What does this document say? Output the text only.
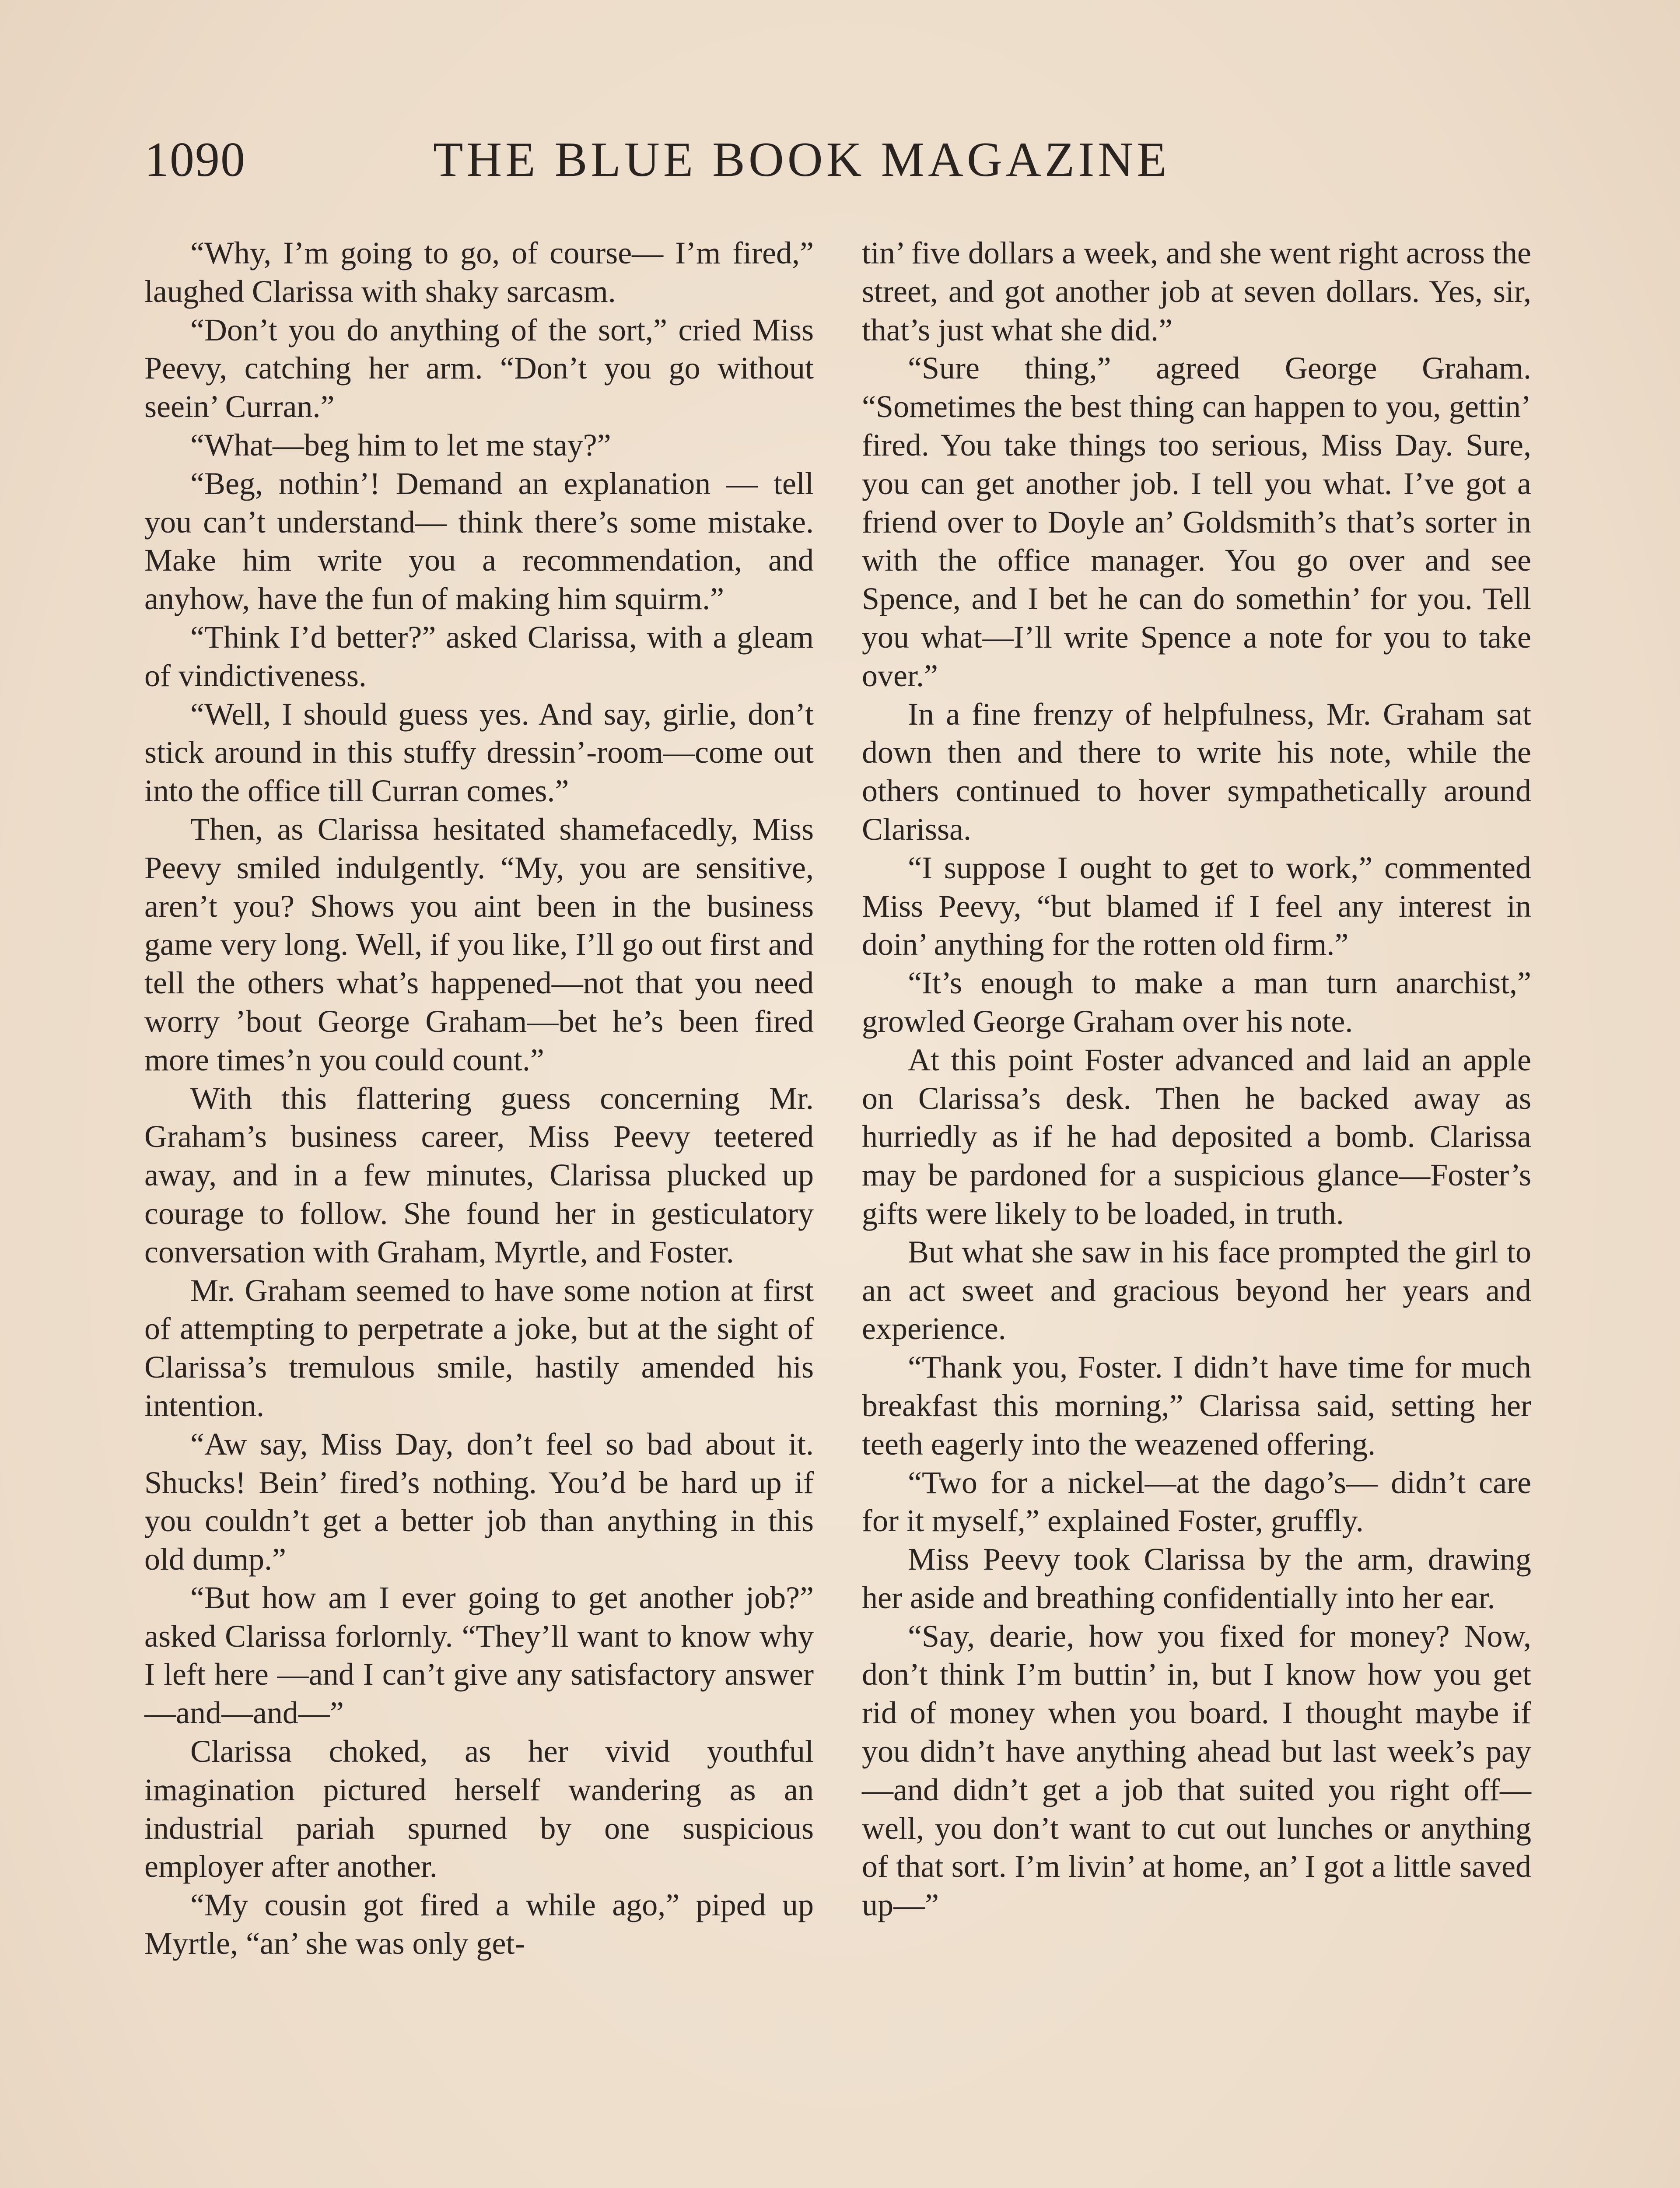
1090	THE BLUE BOOK MAGAZINE

“Why, I’m going to go, of course— I’m fired,” laughed Clarissa with shaky sarcasm.

“Don’t you do anything of the sort,” cried Miss Peevy, catching her arm. “Don’t you go without seein’ Curran.”

“What—beg him to let me stay?”

“Beg, nothin’! Demand an explanation — tell you can’t understand— think there’s some mistake. Make him write you a recommendation, and anyhow, have the fun of making him squirm.”

“Think I’d better?” asked Clarissa, with a gleam of vindictiveness.

“Well, I should guess yes. And say, girlie, don’t stick around in this stuffy dressin’-room—come out into the office till Curran comes.”

Then, as Clarissa hesitated shamefacedly, Miss Peevy smiled indulgently. “My, you are sensitive, aren’t you? Shows you aint been in the business game very long. Well, if you like, I’ll go out first and tell the others what’s happened—not that you need worry ’bout George Graham—bet he’s been fired more times’n you could count.”

With this flattering guess concerning Mr. Graham’s business career, Miss Peevy teetered away, and in a few minutes, Clarissa plucked up courage to follow. She found her in gesticulatory conversation with Graham, Myrtle, and Foster.

Mr. Graham seemed to have some notion at first of attempting to perpetrate a joke, but at the sight of Clarissa’s tremulous smile, hastily amended his intention.

“Aw say, Miss Day, don’t feel so bad about it. Shucks! Bein’ fired’s nothing. You’d be hard up if you couldn’t get a better job than anything in this old dump.”

“But how am I ever going to get another job?” asked Clarissa forlornly. “They’ll want to know why I left here —and I can’t give any satisfactory answer—and—and—”

Clarissa choked, as her vivid youthful imagination pictured herself wandering as an industrial pariah spurned by one suspicious employer after another.

“My cousin got fired a while ago,” piped up Myrtle, “an’ she was only get-

tin’ five dollars a week, and she went right across the street, and got another job at seven dollars. Yes, sir, that’s just what she did.”

“Sure thing,” agreed George Graham. “Sometimes the best thing can happen to you, gettin’ fired. You take things too serious, Miss Day. Sure, you can get another job. I tell you what. I’ve got a friend over to Doyle an’ Goldsmith’s that’s sorter in with the office manager. You go over and see Spence, and I bet he can do somethin’ for you. Tell you what—I’ll write Spence a note for you to take over.”

In a fine frenzy of helpfulness, Mr. Graham sat down then and there to write his note, while the others continued to hover sympathetically around Clarissa.

“I suppose I ought to get to work,” commented Miss Peevy, “but blamed if I feel any interest in doin’ anything for the rotten old firm.”

“It’s enough to make a man turn anarchist,” growled George Graham over his note.

At this point Foster advanced and laid an apple on Clarissa’s desk. Then he backed away as hurriedly as if he had deposited a bomb. Clarissa may be pardoned for a suspicious glance—Foster’s gifts were likely to be loaded, in truth.

But what she saw in his face prompted the girl to an act sweet and gracious beyond her years and experience.

“Thank you, Foster. I didn’t have time for much breakfast this morning,” Clarissa said, setting her teeth eagerly into the weazened offering.

“Two for a nickel—at the dago’s— didn’t care for it myself,” explained Foster, gruffly.

Miss Peevy took Clarissa by the arm, drawing her aside and breathing confidentially into her ear.

“Say, dearie, how you fixed for money? Now, don’t think I’m buttin’ in, but I know how you get rid of money when you board. I thought maybe if you didn’t have anything ahead but last week’s pay—and didn’t get a job that suited you right off—well, you don’t want to cut out lunches or anything of that sort. I’m livin’ at home, an’ I got a little saved up—”
